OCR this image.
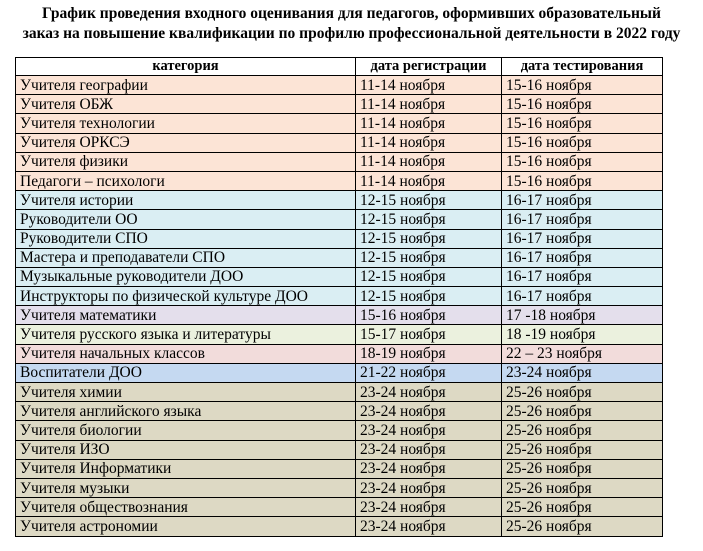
График проведения входного оценивания для педагогов, оформивших образовательный
заказ на повышение квалификации по профилю профессиональной деятельности в 2022 году
категория	дата регистрации	дата тестирования
Учителя географии	11-14 ноября	15-16 ноября
Учителя ОБЖ	11-14 ноября	15-16 ноября
Учителя технологии	11-14 ноября	15-16 ноября
Учителя ОРКСЭ	11-14 ноября	15-16 ноября
Учителя физики	11-14 ноября	15-16 ноября
Педагоги – психологи	11-14 ноября	15-16 ноября
Учителя истории	12-15 ноября	16-17 ноября
Руководители ОО	12-15 ноября	16-17 ноября
Руководители СПО	12-15 ноября	16-17 ноября
Мастера и преподаватели СПО	12-15 ноября	16-17 ноября
Музыкальные руководители ДОО	12-15 ноября	16-17 ноября
Инструкторы по физической культуре ДОО	12-15 ноября	16-17 ноября
Учителя математики	15-16 ноября	17 -18 ноября
Учителя русского языка и литературы	15-17 ноября	18 -19 ноября
Учителя начальных классов	18-19 ноября	22 – 23 ноября
Воспитатели ДОО	21-22 ноября	23-24 ноября
Учителя химии	23-24 ноября	25-26 ноября
Учителя английского языка	23-24 ноября	25-26 ноября
Учителя биологии	23-24 ноября	25-26 ноября
Учителя ИЗО	23-24 ноября	25-26 ноября
Учителя Информатики	23-24 ноября	25-26 ноября
Учителя музыки	23-24 ноября	25-26 ноября
Учителя обществознания	23-24 ноября	25-26 ноября
Учителя астрономии	23-24 ноября	25-26 ноября
